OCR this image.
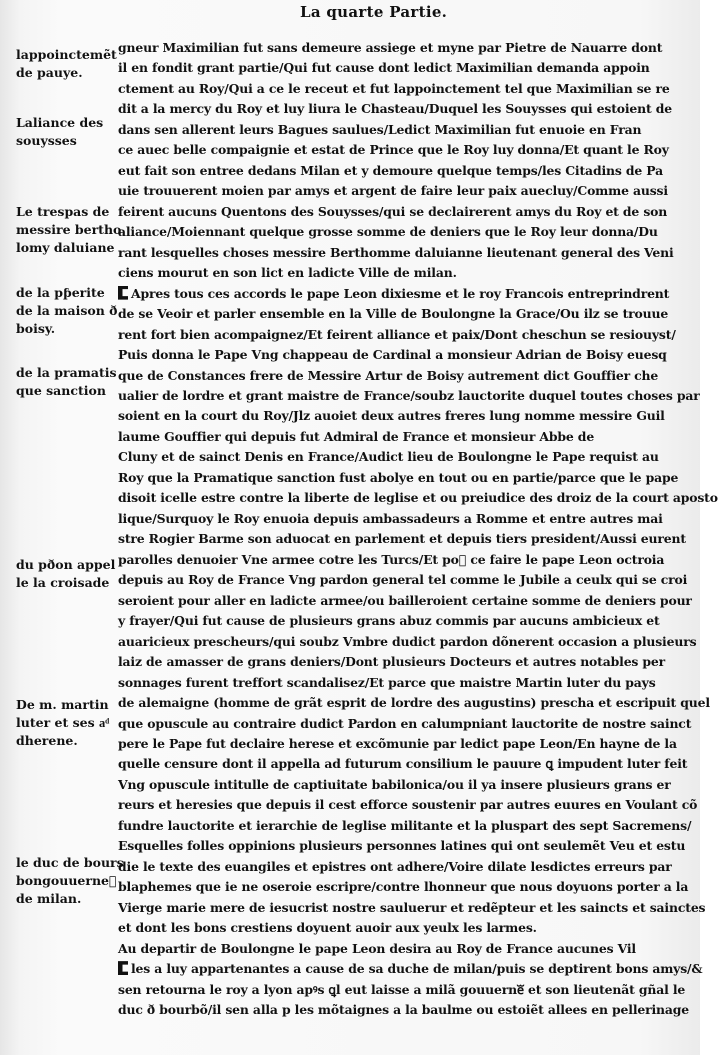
La quarte Partie.
lappoinctemẽt
de pauye.
Laliance des
souysses
Le trespas de
messire bertho
lomy daluiane
de la pƥerite
de la maison ð
boisy.
de la pramatis
que sanction
du pðon appel
le la croisade
De m. martin
luter et ses aͩ
dherene.
le duc de bours
bongouuerneᷓ
de milan.
gneur Maximilian fut sans demeure assiege et myne par Pietre de Nauarre dont
il en fondit grant partie/Qui fut cause dont ledict Maximilian demanda appoin
ctement au Roy/Qui a ce le receut et fut lappoinctement tel que Maximilian se re
dit a la mercy du Roy et luy liura le Chasteau/Duquel les Souysses qui estoient de
dans sen allerent leurs Bagues saulues/Ledict Maximilian fut enuoie en Fran
ce auec belle compaignie et estat de Prince que le Roy luy donna/Et quant le Roy
eut fait son entree dedans Milan et y demoure quelque temps/les Citadins de Pa
uie trouuerent moien par amys et argent de faire leur paix auecluy/Comme aussi
feirent aucuns Quentons des Souysses/qui se declairerent amys du Roy et de son
aliance/Moiennant quelque grosse somme de deniers que le Roy leur donna/Du
rant lesquelles choses messire Berthomme daluianne lieutenant general des Veni
ciens mourut en son lict en ladicte Ville de milan.
Apres tous ces accords le pape Leon dixiesme et le roy Francois entreprindrent
de se Veoir et parler ensemble en la Ville de Boulongne la Grace/Ou ilz se trouue
rent fort bien acompaignez/Et feirent alliance et paix/Dont cheschun se resiouyst/
Puis donna le Pape Vng chappeau de Cardinal a monsieur Adrian de Boisy euesq
que de Constances frere de Messire Artur de Boisy autrement dict Gouffier che
ualier de lordre et grant maistre de France/soubz lauctorite duquel toutes choses par
soient en la court du Roy/Jlz auoiet deux autres freres lung nomme messire Guil
laume Gouffier qui depuis fut Admiral de France et monsieur Abbe de
Cluny et de sainct Denis en France/Audict lieu de Boulongne le Pape requist au
Roy que la Pramatique sanction fust abolye en tout ou en partie/parce que le pape
disoit icelle estre contre la liberte de leglise et ou preiudice des droiz de la court aposto
lique/Surquoy le Roy enuoia depuis ambassadeurs a Romme et entre autres mai
stre Rogier Barme son aduocat en parlement et depuis tiers president/Aussi eurent
parolles denuoier Vne armee cotre les Turcs/Et poᷓ ce faire le pape Leon octroia
depuis au Roy de France Vng pardon general tel comme le Jubile a ceulx qui se croi
seroient pour aller en ladicte armee/ou bailleroient certaine somme de deniers pour
y frayer/Qui fut cause de plusieurs grans abuz commis par aucuns ambicieux et
auaricieux prescheurs/qui soubz Vmbre dudict pardon dõnerent occasion a plusieurs
laiz de amasser de grans deniers/Dont plusieurs Docteurs et autres notables per
sonnages furent treffort scandalisez/Et parce que maistre Martin luter du pays
de alemaigne (homme de grãt esprit de lordre des augustins) prescha et escripuit quel
que opuscule au contraire dudict Pardon en calumpniant lauctorite de nostre sainct
pere le Pape fut declaire herese et excõmunie par ledict pape Leon/En hayne de la
quelle censure dont il appella ad futurum consilium le pauure ꝗ impudent luter feit
Vng opuscule intitulle de captiuitate babilonica/ou il ya insere plusieurs grans er
reurs et heresies que depuis il cest efforce soustenir par autres euures en Voulant cõ
fundre lauctorite et ierarchie de leglise militante et la pluspart des sept Sacremens/
Esquelles folles oppinions plusieurs personnes latines qui ont seulemẽt Veu et estu
die le texte des euangiles et epistres ont adhere/Voire dilate lesdictes erreurs par
blaphemes que ie ne oseroie escripre/contre lhonneur que nous doyuons porter a la
Vierge marie mere de iesucrist nostre sauluerur et redẽpteur et les saincts et sainctes
et dont les bons crestiens doyuent auoir aux yeulx les larmes.
Au departir de Boulongne le pape Leon desira au Roy de France aucunes Vil
les a luy appartenantes a cause de sa duche de milan/puis se deptirent bons amys/&
sen retourna le roy a lyon apꝰs ꝗl eut laisse a milã gouuerneᷓ et son lieutenãt gñal le
duc ð bourbõ/il sen alla p les mõtaignes a la baulme ou estoiẽt allees en pellerinage
